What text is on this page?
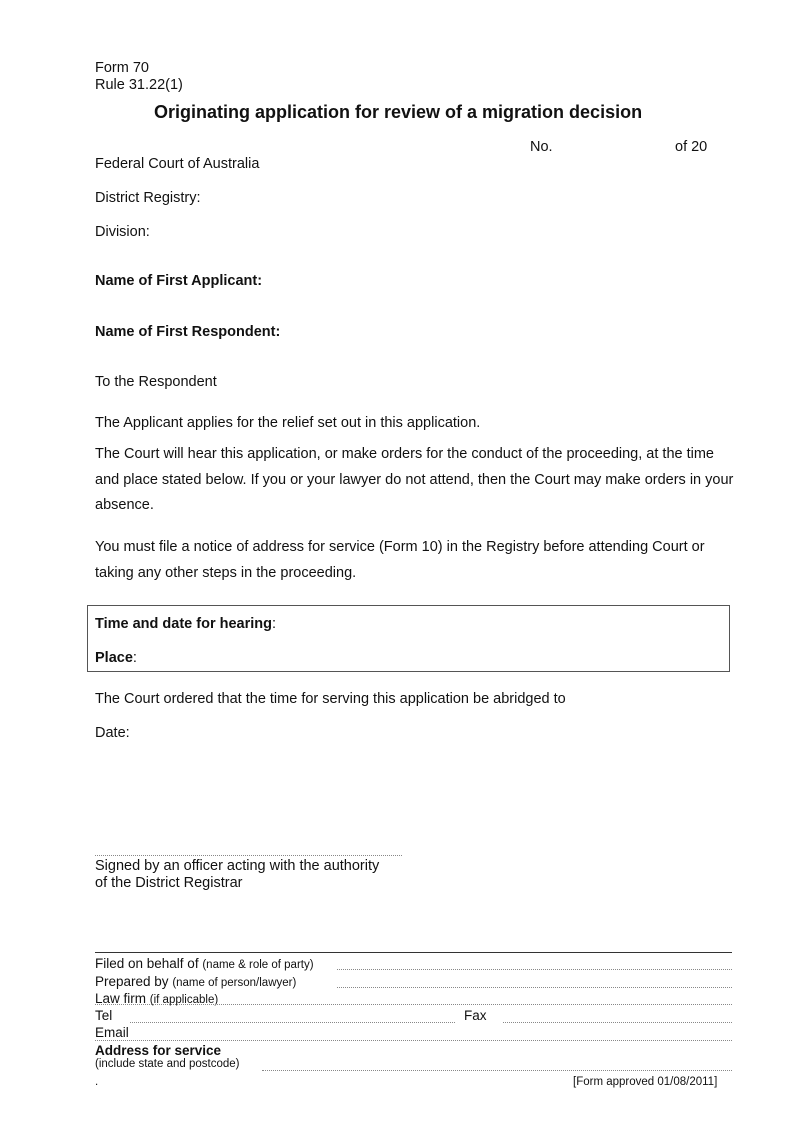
Form 70
Rule 31.22(1)
Originating application for review of a migration decision
No.	of 20
Federal Court of Australia
District Registry:
Division:
Name of First Applicant:
Name of First Respondent:
To the Respondent
The Applicant applies for the relief set out in this application.
The Court will hear this application, or make orders for the conduct of the proceeding, at the time and place stated below. If you or your lawyer do not attend, then the Court may make orders in your absence.
You must file a notice of address for service (Form 10) in the Registry before attending Court or taking any other steps in the proceeding.
Time and date for hearing:
Place:
The Court ordered that the time for serving this application be abridged to
Date:
Signed by an officer acting with the authority
of the District Registrar
Filed on behalf of (name & role of party)
Prepared by (name of person/lawyer)
Law firm (if applicable)
Tel	Fax
Email
Address for service
(include state and postcode)
.	[Form approved 01/08/2011]
